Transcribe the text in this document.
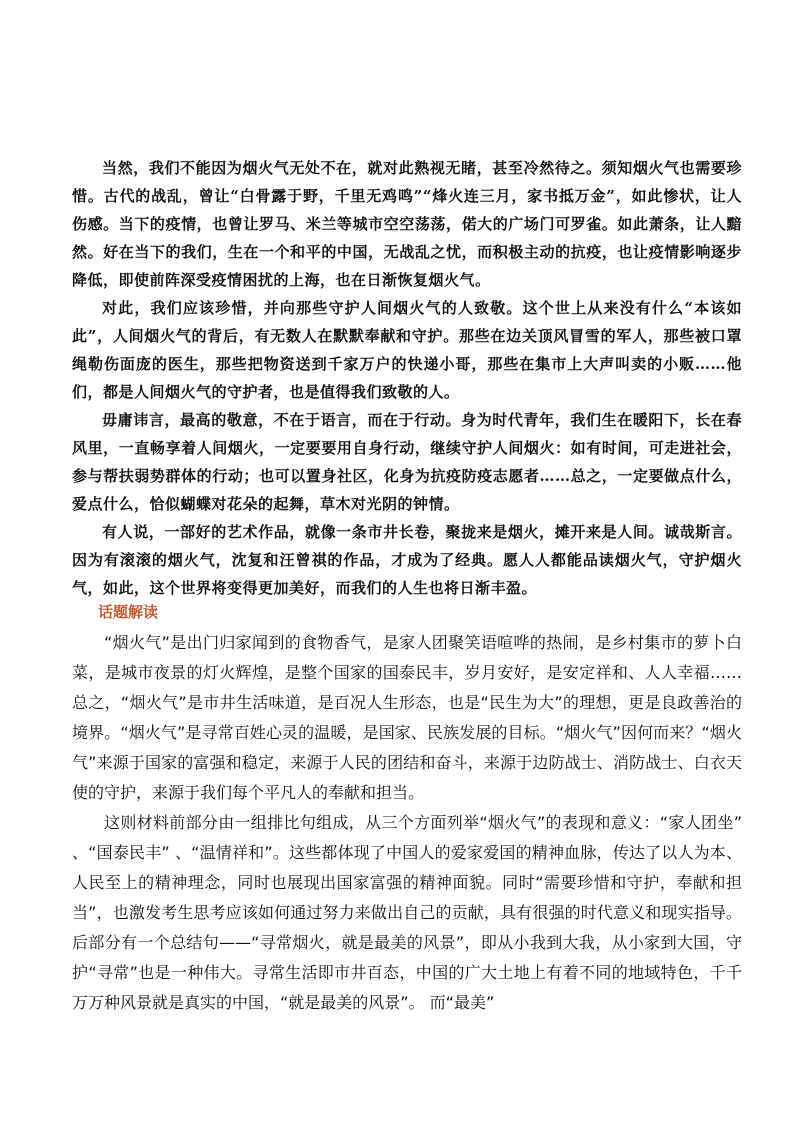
当然，我们不能因为烟火气无处不在，就对此熟视无睹，甚至冷然待之。须知烟火气也需要珍惜。古代的战乱，曾让“白骨露于野，千里无鸡鸣”“烽火连三月，家书抵万金”，如此惨状，让人伤感。当下的疫情，也曾让罗马、米兰等城市空空荡荡，偌大的广场门可罗雀。如此萧条，让人黯然。好在当下的我们，生在一个和平的中国，无战乱之忧，而积极主动的抗疫，也让疫情影响逐步降低，即使前阵深受疫情困扰的上海，也在日渐恢复烟火气。

对此，我们应该珍惜，并向那些守护人间烟火气的人致敬。这个世上从来没有什么“本该如此”，人间烟火气的背后，有无数人在默默奉献和守护。那些在边关顶风冒雪的军人，那些被口罩绳勒伤面庞的医生，那些把物资送到千家万户的快递小哥，那些在集市上大声叫卖的小贩……他们，都是人间烟火气的守护者，也是值得我们致敬的人。

毋庸讳言，最高的敬意，不在于语言，而在于行动。身为时代青年，我们生在暖阳下，长在春风里，一直畅享着人间烟火，一定要要用自身行动，继续守护人间烟火：如有时间，可走进社会，参与帮扶弱势群体的行动；也可以置身社区，化身为抗疫防疫志愿者……总之，一定要做点什么，爱点什么，恰似蝴蝶对花朵的起舞，草木对光阴的钟情。

有人说，一部好的艺术作品，就像一条市井长卷，聚拢来是烟火，摊开来是人间。诚哉斯言。因为有滚滚的烟火气，沈复和汪曾祺的作品，才成为了经典。愿人人都能品读烟火气，守护烟火气，如此，这个世界将变得更加美好，而我们的人生也将日渐丰盈。

话题解读

“烟火气”是出门归家闻到的食物香气，是家人团聚笑语喧哗的热闹，是乡村集市的萝卜白菜，是城市夜景的灯火辉煌，是整个国家的国泰民丰，岁月安好，是安定祥和、人人幸福……总之，“烟火气”是市井生活味道，是百况人生形态，也是“民生为大”的理想，更是良政善治的境界。“烟火气”是寻常百姓心灵的温暖，是国家、民族发展的目标。“烟火气”因何而来？“烟火气”来源于国家的富强和稳定，来源于人民的团结和奋斗，来源于边防战士、消防战士、白衣天使的守护，来源于我们每个平凡人的奉献和担当。

这则材料前部分由一组排比句组成，从三个方面列举“烟火气”的表现和意义：“家人团坐” 、“国泰民丰” 、“温情祥和”。这些都体现了中国人的爱家爱国的精神血脉，传达了以人为本、人民至上的精神理念，同时也展现出国家富强的精神面貌。同时“需要珍惜和守护，奉献和担当”，也激发考生思考应该如何通过努力来做出自己的贡献，具有很强的时代意义和现实指导。后部分有一个总结句——“寻常烟火，就是最美的风景”，即从小我到大我，从小家到大国，守护“寻常”也是一种伟大。寻常生活即市井百态，中国的广大土地上有着不同的地域特色，千千万万种风景就是真实的中国，“就是最美的风景”。 而“最美”
